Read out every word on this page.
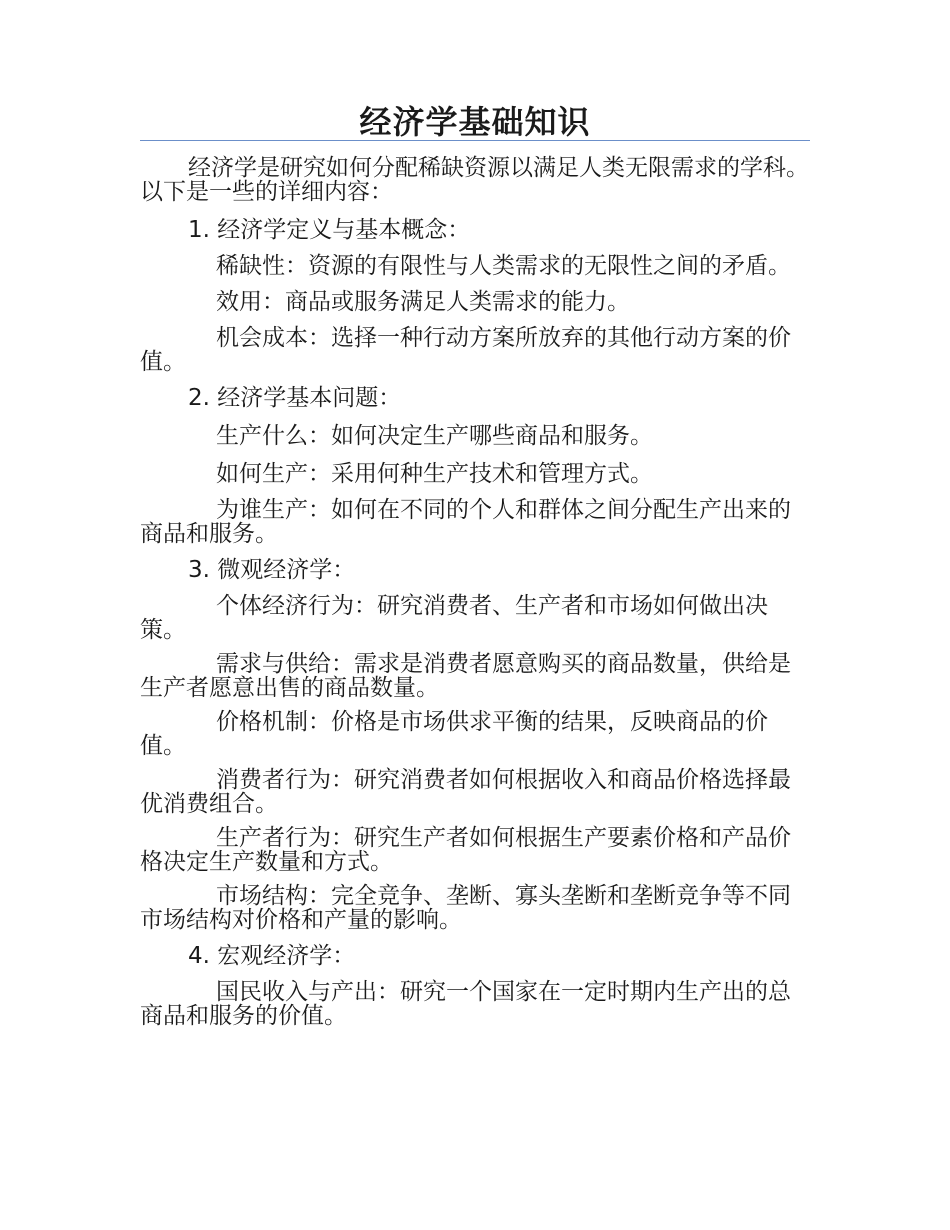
经济学基础知识

经济学是研究如何分配稀缺资源以满足人类无限需求的学科。以下是一些的详细内容：

1. 经济学定义与基本概念：

稀缺性：资源的有限性与人类需求的无限性之间的矛盾。

效用：商品或服务满足人类需求的能力。

机会成本：选择一种行动方案所放弃的其他行动方案的价值。

2. 经济学基本问题：

生产什么：如何决定生产哪些商品和服务。

如何生产：采用何种生产技术和管理方式。

为谁生产：如何在不同的个人和群体之间分配生产出来的商品和服务。

3. 微观经济学：

个体经济行为：研究消费者、生产者和市场如何做出决策。

需求与供给：需求是消费者愿意购买的商品数量，供给是生产者愿意出售的商品数量。

价格机制：价格是市场供求平衡的结果，反映商品的价值。

消费者行为：研究消费者如何根据收入和商品价格选择最优消费组合。

生产者行为：研究生产者如何根据生产要素价格和产品价格决定生产数量和方式。

市场结构：完全竞争、垄断、寡头垄断和垄断竞争等不同市场结构对价格和产量的影响。

4. 宏观经济学：

国民收入与产出：研究一个国家在一定时期内生产出的总商品和服务的价值。
